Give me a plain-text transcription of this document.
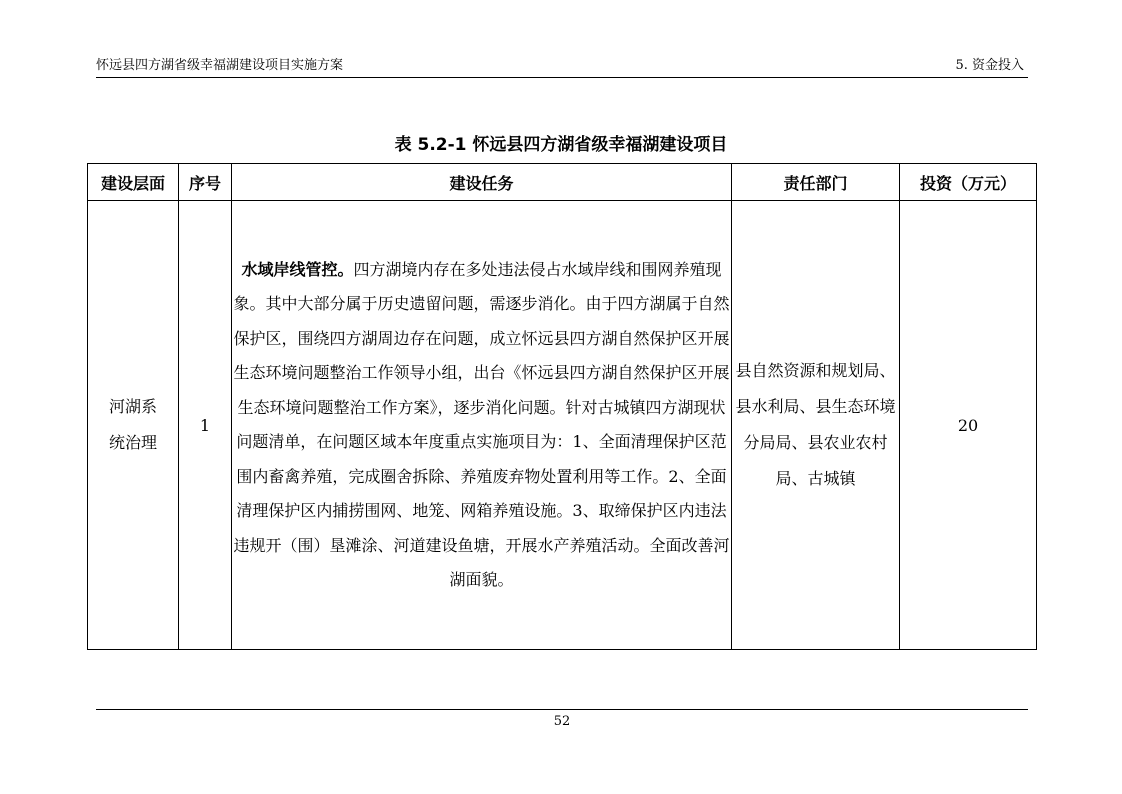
怀远县四方湖省级幸福湖建设项目实施方案	5. 资金投入
表 5.2-1 怀远县四方湖省级幸福湖建设项目
建设层面	序号	建设任务	责任部门	投资（万元）

河湖系统治理	1	水域岸线管控。四方湖境内存在多处违法侵占水域岸线和围网养殖现象。其中大部分属于历史遗留问题，需逐步消化。由于四方湖属于自然保护区，围绕四方湖周边存在问题，成立怀远县四方湖自然保护区开展生态环境问题整治工作领导小组，出台《怀远县四方湖自然保护区开展生态环境问题整治工作方案》，逐步消化问题。针对古城镇四方湖现状问题清单，在问题区域本年度重点实施项目为：1、全面清理保护区范围内畜禽养殖，完成圈舍拆除、养殖废弃物处置利用等工作。2、全面清理保护区内捕捞围网、地笼、网箱养殖设施。3、取缔保护区内违法违规开（围）垦滩涂、河道建设鱼塘，开展水产养殖活动。全面改善河湖面貌。	县自然资源和规划局、县水利局、县生态环境分局局、县农业农村局、古城镇	20
52
